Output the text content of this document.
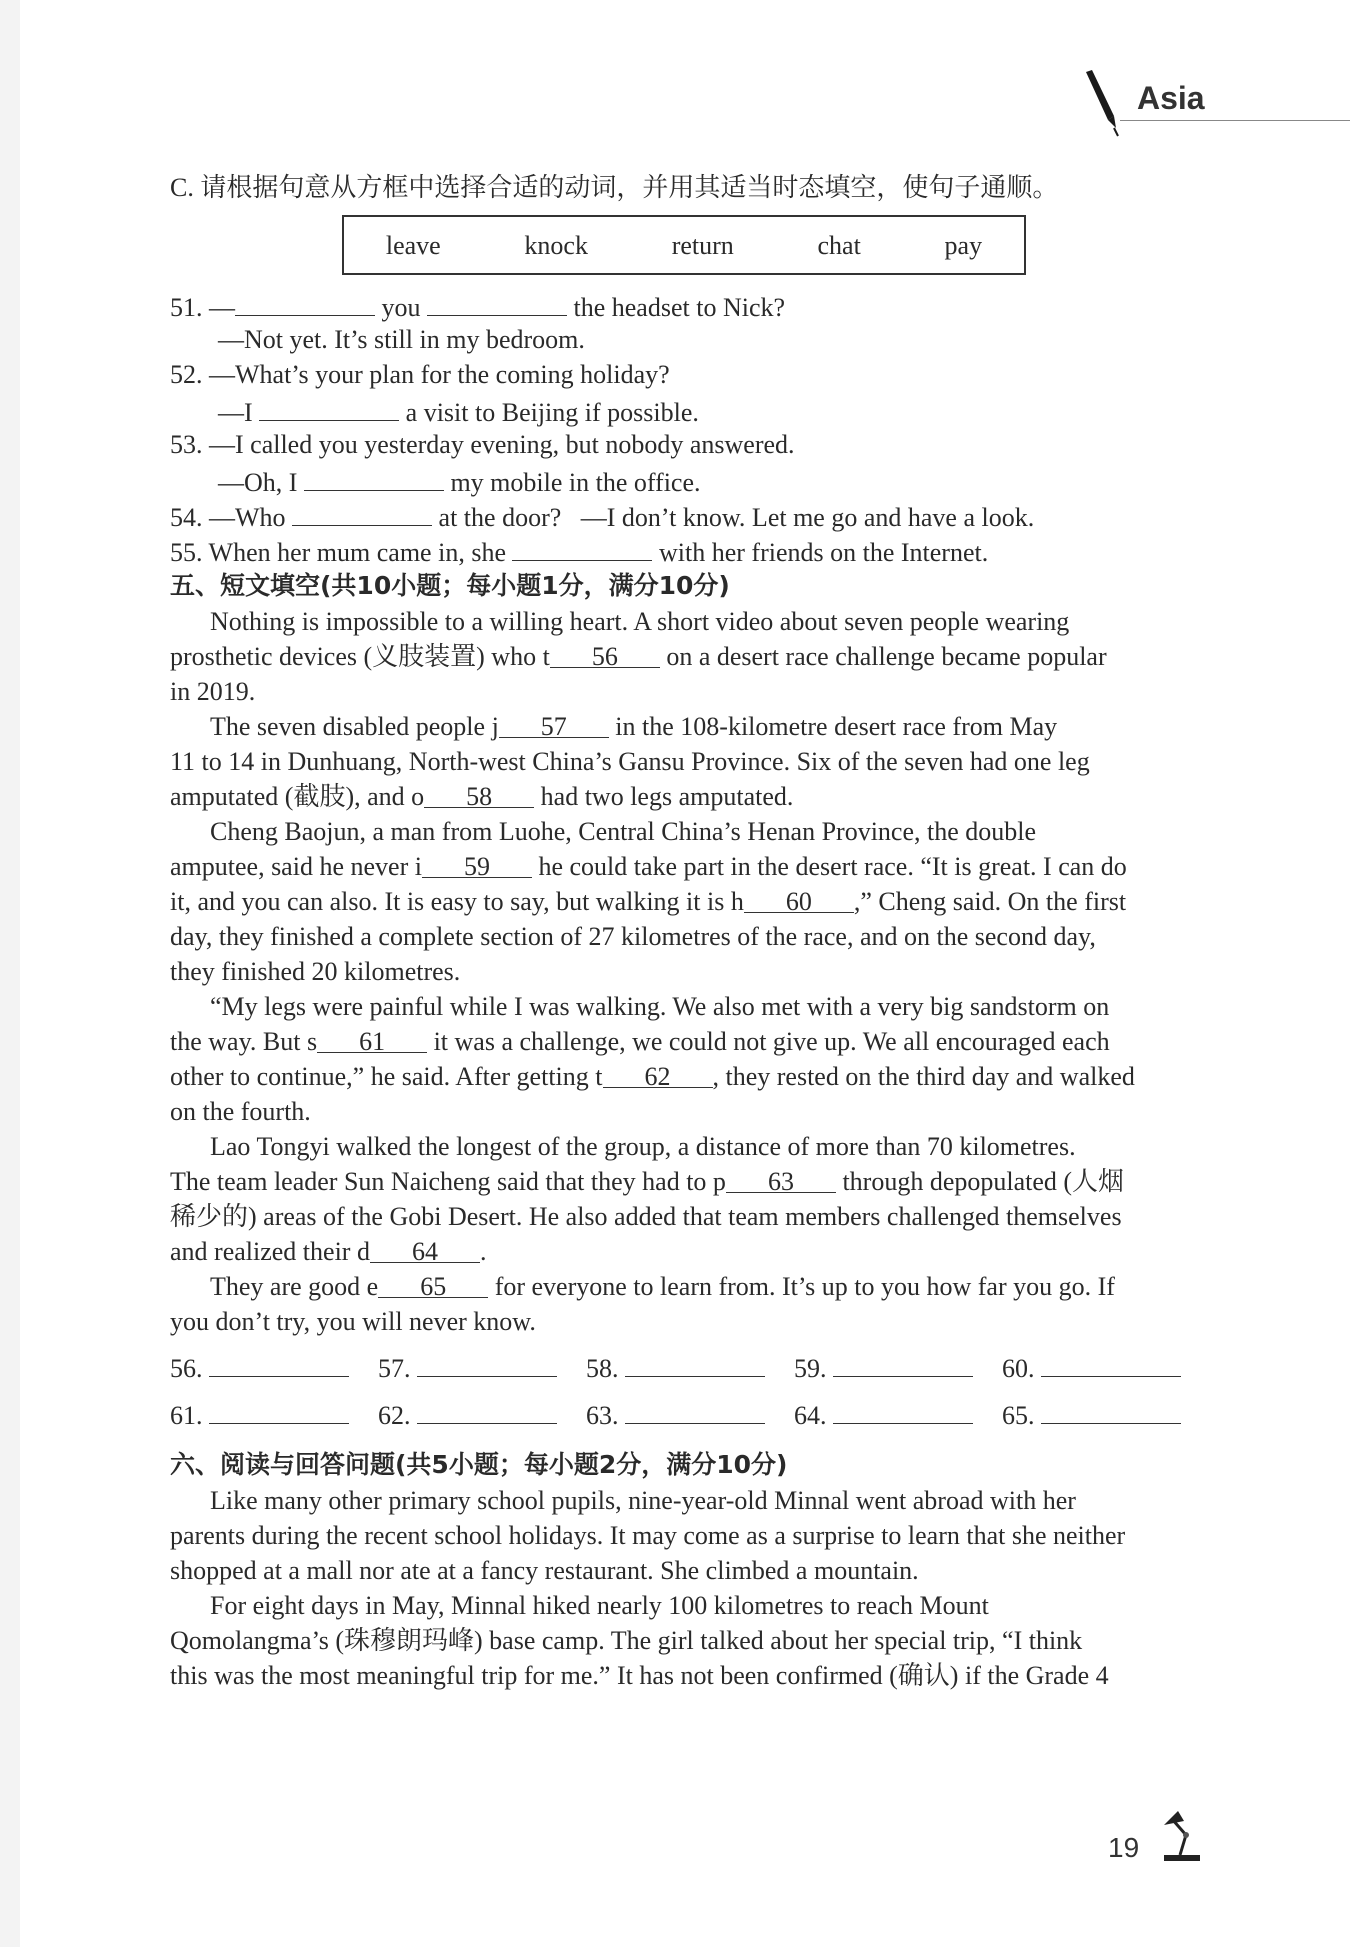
Asia
C. 请根据句意从方框中选择合适的动词，并用其适当时态填空，使句子通顺。
leave	knock	return	chat	pay
51. —	you	the headset to Nick?
—Not yet. It’s still in my bedroom.
52. —What’s your plan for the coming holiday?
—I	a visit to Beijing if possible.
53. —I called you yesterday evening, but nobody answered.
—Oh, I	my mobile in the office.
54. —Who	at the door?   —I don’t know. Let me go and have a look.
55. When her mum came in, she	with her friends on the Internet.
五、短文填空(共10小题；每小题1分，满分10分)
Nothing is impossible to a willing heart. A short video about seven people wearing
prosthetic devices (义肢装置) who t 56 on a desert race challenge became popular
in 2019.
The seven disabled people j 57 in the 108-kilometre desert race from May
11 to 14 in Dunhuang, North-west China’s Gansu Province. Six of the seven had one leg
amputated (截肢), and o 58 had two legs amputated.
Cheng Baojun, a man from Luohe, Central China’s Henan Province, the double
amputee, said he never i 59 he could take part in the desert race. “It is great. I can do
it, and you can also. It is easy to say, but walking it is h 60 ,” Cheng said. On the first
day, they finished a complete section of 27 kilometres of the race, and on the second day,
they finished 20 kilometres.
“My legs were painful while I was walking. We also met with a very big sandstorm on
the way. But s 61 it was a challenge, we could not give up. We all encouraged each
other to continue,” he said. After getting t 62 , they rested on the third day and walked
on the fourth.
Lao Tongyi walked the longest of the group, a distance of more than 70 kilometres.
The team leader Sun Naicheng said that they had to p 63 through depopulated (人烟
稀少的) areas of the Gobi Desert. He also added that team members challenged themselves
and realized their d 64 .
They are good e 65 for everyone to learn from. It’s up to you how far you go. If
you don’t try, you will never know.
56.	57.	58.	59.	60.
61.	62.	63.	64.	65.
六、阅读与回答问题(共5小题；每小题2分，满分10分)
Like many other primary school pupils, nine-year-old Minnal went abroad with her
parents during the recent school holidays. It may come as a surprise to learn that she neither
shopped at a mall nor ate at a fancy restaurant. She climbed a mountain.
For eight days in May, Minnal hiked nearly 100 kilometres to reach Mount
Qomolangma’s (珠穆朗玛峰) base camp. The girl talked about her special trip, “I think
this was the most meaningful trip for me.” It has not been confirmed (确认) if the Grade 4
19
